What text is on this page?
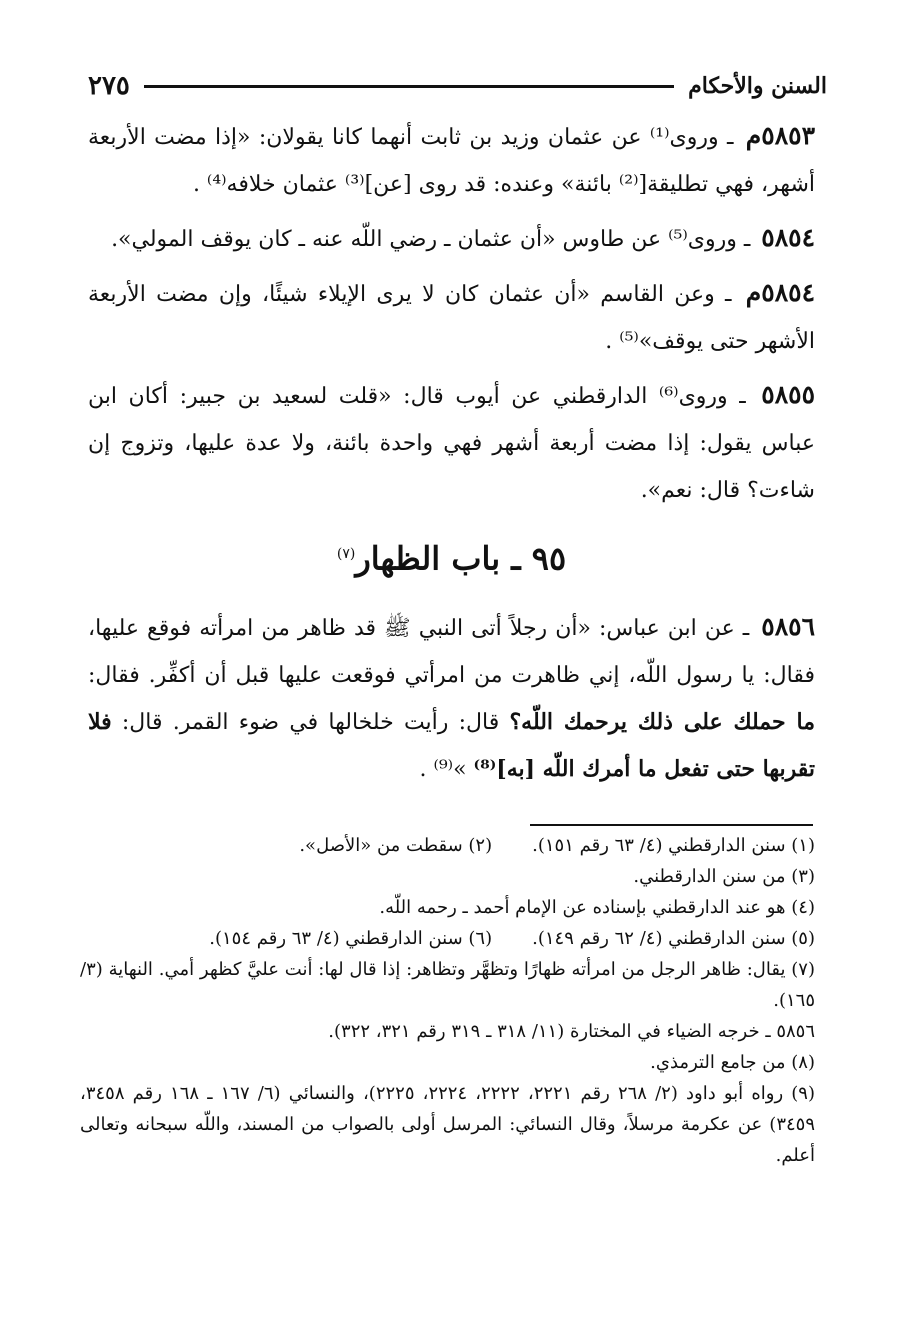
السنن والأحكام
٢٧٥

٥٨٥٣م ـ وروى⁽¹⁾ عن عثمان وزيد بن ثابت أنهما كانا يقولان: «إذا مضت الأربعة أشهر، فهي تطليقة[⁽²⁾ بائنة» وعنده: قد روى [عن]⁽³⁾ عثمان خلافه⁽⁴⁾ .

٥٨٥٤ ـ وروى⁽⁵⁾ عن طاوس «أن عثمان ـ رضي اللّه عنه ـ كان يوقف المولي».

٥٨٥٤م ـ وعن القاسم «أن عثمان كان لا يرى الإيلاء شيئًا، وإن مضت الأربعة الأشهر حتى يوقف»⁽⁵⁾ .

٥٨٥٥ ـ وروى⁽⁶⁾ الدارقطني عن أيوب قال: «قلت لسعيد بن جبير: أكان ابن عباس يقول: إذا مضت أربعة أشهر فهي واحدة بائنة، ولا عدة عليها، وتزوج إن شاءت؟ قال: نعم».

٩٥ ـ باب الظهار$^{(٧)}$

٥٨٥٦ ـ عن ابن عباس: «أن رجلاً أتى النبي ﷺ قد ظاهر من امرأته فوقع عليها، فقال: يا رسول اللّه، إني ظاهرت من امرأتي فوقعت عليها قبل أن أكفِّر. فقال: ما حملك على ذلك يرحمك اللّه؟ قال: رأيت خلخالها في ضوء القمر. قال: فلا تقربها حتى تفعل ما أمرك اللّه [به]⁽⁸⁾ »⁽⁹⁾ .

(١) سنن الدارقطني (٤/ ٦٣ رقم ١٥١).

(٢) سقطت من «الأصل».

(٣) من سنن الدارقطني.

(٤) هو عند الدارقطني بإسناده عن الإمام أحمد ـ رحمه اللّه.

(٥) سنن الدارقطني (٤/ ٦٢ رقم ١٤٩).

(٦) سنن الدارقطني (٤/ ٦٣ رقم ١٥٤).

(٧) يقال: ظاهر الرجل من امرأته ظهارًا وتظهَّر وتظاهر: إذا قال لها: أنت عليَّ كظهر أمي. النهاية (٣/ ١٦٥).

٥٨٥٦ ـ خرجه الضياء في المختارة (١١/ ٣١٨ ـ ٣١٩ رقم ٣٢١، ٣٢٢).

(٨) من جامع الترمذي.

(٩) رواه أبو داود (٢/ ٢٦٨ رقم ٢٢٢١، ٢٢٢٢، ٢٢٢٤، ٢٢٢٥)، والنسائي (٦/ ١٦٧ ـ ١٦٨ رقم ٣٤٥٨، ٣٤٥٩) عن عكرمة مرسلاً، وقال النسائي: المرسل أولى بالصواب من المسند، واللّه سبحانه وتعالى أعلم.
